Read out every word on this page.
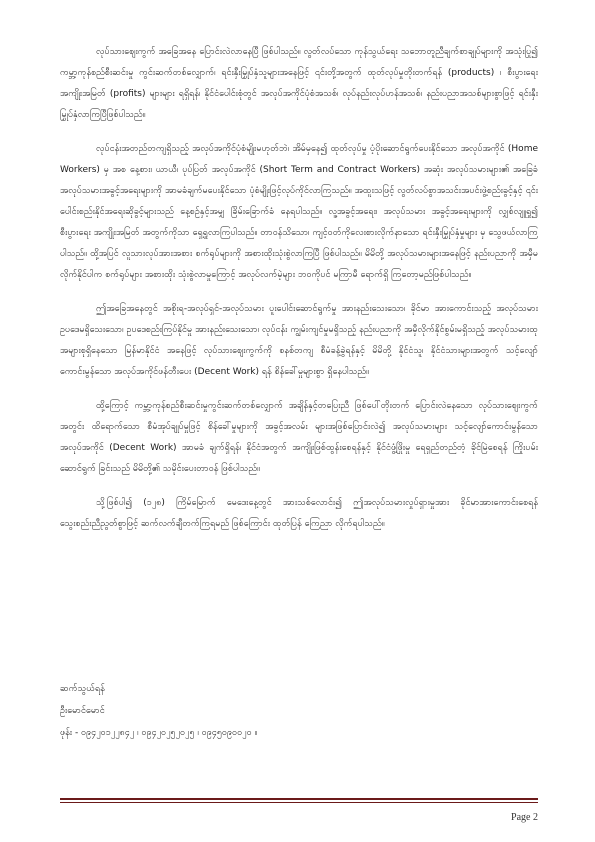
လုပ်သားဈေးကွက် အခြေအနေ ပြောင်းလဲလာနေပြီ ဖြစ်ပါသည်။ လွတ်လပ်သော ကုန်သွယ်ရေး သဘောတူညီချက်စာချုပ်များကို အသုံးပြု၍ ကမ္ဘာ့ကုန်စည်စီးဆင်းမှု ကွင်းဆက်တစ်လျှောက်၊ ရင်းနှီးမြှုပ်နှံသူများအနေဖြင့် ၎င်းတို့အတွက် ထုတ်လုပ်မှုတိုးတက်ရန် (products) ၊ စီးပွားရေးအကျိုးအမြတ် (profits) များများ ရရှိရန်၊ နိုင်ငံပေါင်းစုံတွင် အလုပ်အကိုင်ပုံစံအသစ်၊ လုပ်နည်းလုပ်ဟန်အသစ်၊ နည်းပညာအသစ်များစွာဖြင့် ရင်းနှီးမြှုပ်နှံလာကြပြီဖြစ်ပါသည်။

လုပ်ငန်းအတည်တကျရှိသည့် အလုပ်အကိုင်ပုံစံမျိုးမဟုတ်ဘဲ၊ အိမ်မှနေ၍ ထုတ်လုပ်မှု ပံ့ပိုးဆောင်ရွက်ပေးနိုင်သော အလုပ်အကိုင် (Home Workers) မှ အစ နေ့စား၊ ယာယီ၊ ပုပ်ပြတ် အလုပ်အကိုင် (Short Term and Contract Workers) အဆုံး အလုပ်သမားများ၏ အခြေခံ အလုပ်သမားအခွင့်အရေးများကို အာမခံချက်မပေးနိုင်သော ပုံစံမျိုးဖြင့်လုပ်ကိုင်လာကြသည်။ အထူးသဖြင့် လွတ်လပ်စွာအသင်းအပင်းဖွဲ့စည်းခွင့်နှင့် ၎င်းပေါင်းစည်းနိုင်အရေးဆိုခွင့်များသည် နေ့စဉ်နှင့်အမျှ ခြိမ်းခြောက်ခံ နေရပါသည်။ လူ့အခွင့်အရေး၊ အလုပ်သမား အခွင့်အရေးများကို လျှစ်လျူရှု၍ စီးပွားရေး အကျိုးအမြတ် အတွက်ကိုသာ ရှေ့ရှုလာကြပါသည်။ တာဝန်သိသော၊ ကျင့်ဝတ်ကိုလေးစားလိုက်နာသော ရင်းနှီးမြှုပ်နှံမှုများ မှ သွေဖယ်လာကြပါသည်။ ထို့အပြင် လူသားလုပ်အားအစား စက်ရုပ်များကို အစားထိုးသုံးစွဲလာကြပြီ ဖြစ်ပါသည်။ မိမိတို့ အလုပ်သမားများအနေဖြင့် နည်းပညာကို အမှီမလိုက်နိုင်ပါက စက်ရုပ်များ အစားထိုး သုံးစွဲလာမှုကြောင့် အလုပ်လက်မဲ့များ ဘဝကိုပင် မကြာမီ ရောက်ရှိ ကြတော့မည်ဖြစ်ပါသည်။

ဤအခြေအနေတွင် အစိုးရ-အလုပ်ရှင်-အလုပ်သမား ပူးပေါင်းဆောင်ရွက်မှု အားနည်းသေးသော၊ ခိုင်မာ အားကောင်းသည့် အလုပ်သမားဥပဒေမရှိသေးသော၊ ဥပဒေစည်းကြပ်နိုင်မှု အားနည်းသေးသော၊ လုပ်ငန်း ကျွမ်းကျင်မှုမရှိသည့် နည်းပညာကို အမှီလိုက်နိုင်စွမ်းမရှိသည့် အလုပ်သမားထု အများစုရှိနေသော မြန်မာနိုင်ငံ အနေဖြင့် လုပ်သားဈေးကွက်ကို စနစ်တကျ စီမံခန့်ခွဲရန်နှင့် မိမိတို့ နိုင်ငံသူ၊ နိုင်ငံသားများအတွက် သင့်လျော် ကောင်းမွန်သော အလုပ်အကိုင်ဖန်တီးပေး (Decent Work) ရန် စိန်ခေါ်မှုများစွာ ရှိနေပါသည်။

ထို့ကြောင့် ကမ္ဘာ့ကုန်စည်စီးဆင်းမှုကွင်းဆက်တစ်လျှောက် အချိန်နှင့်တပြေးညီ ဖြစ်ပေါ်တိုးတက် ပြောင်းလဲနေသော လုပ်သားဈေးကွက်အတွင်း ထိရောက်သော စီမံအုပ်ချုပ်မှုဖြင့် စိန်ခေါ်မှုများကို အခွင့်အလမ်း များအဖြစ်ပြောင်းလဲ၍ အလုပ်သမားများ သင့်လျော်ကောင်းမွန်သော အလုပ်အကိုင် (Decent Work) အာမခံ ချက်ရှိရန်၊ နိုင်ငံအတွက် အကျိုးဖြစ်ထွန်းစေရန်နှင့် နိုင်ငံဖွံ့ဖြိုးမှု ရေရှည်တည်တံ့ ခိုင်မြဲစေရန် ကြိုးပမ်းဆောင်ရွက် ခြင်းသည် မိမိတို့၏ သမိုင်းပေးတာဝန် ဖြစ်ပါသည်။

သို့ဖြစ်ပါ၍ (၁၂၈) ကြိမ်မြောက် မေဒေးနေ့တွင် အားသစ်လောင်း၍ ဤအလုပ်သမားလှုပ်ရှားမှုအား ခိုင်မာအားကောင်းစေရန် သွေးစည်းညီညွတ်စွာဖြင့် ဆက်လက်ချီတက်ကြရမည် ဖြစ်ကြောင်း ထုတ်ပြန် ကြေညာ လိုက်ရပါသည်။

ဆက်သွယ်ရန်
ဦးမောင်မောင်
ဖုန်း - ၀၉၄၂၀၁၂၂၈၄၂ ၊ ၀၉၄၂၀၂၅၂၀၂၅ ၊ ၀၉၄၅၀၉၀၀၂၀ ။
Page 2
